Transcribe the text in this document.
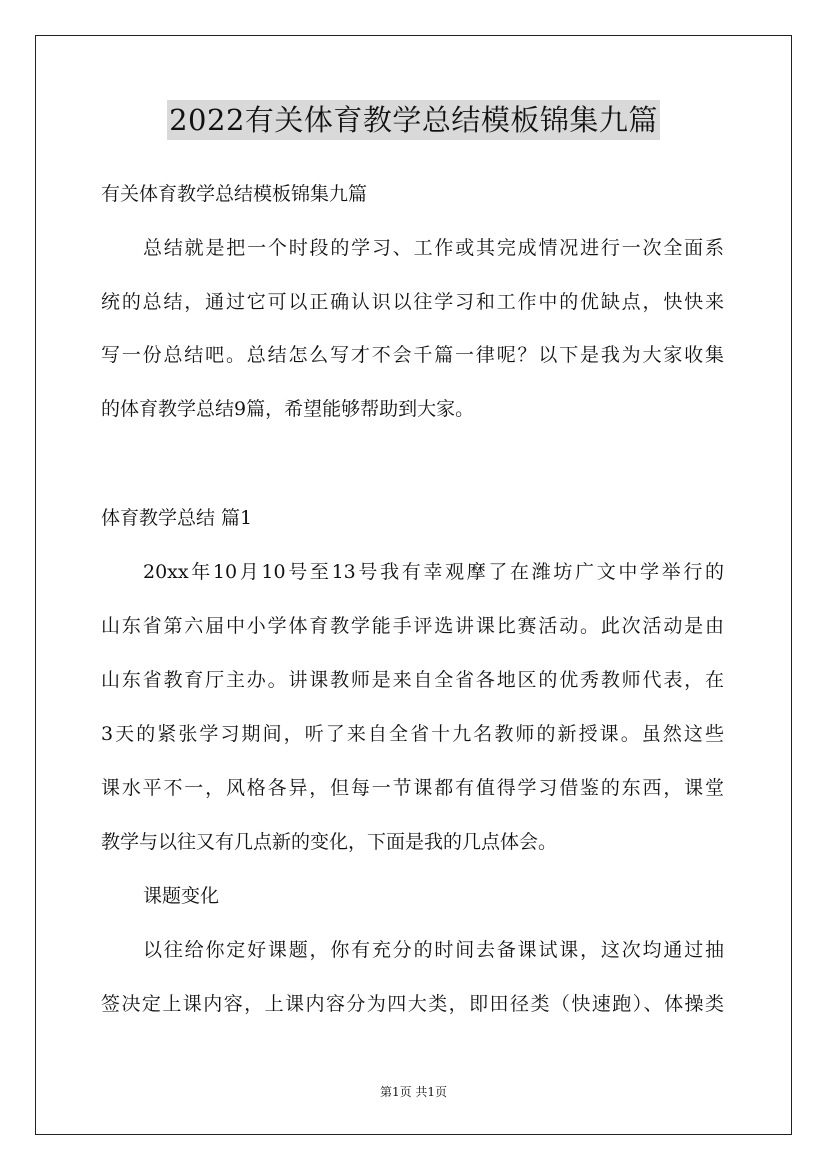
2022有关体育教学总结模板锦集九篇
有关体育教学总结模板锦集九篇
总结就是把一个时段的学习、工作或其完成情况进行一次全面系
统的总结，通过它可以正确认识以往学习和工作中的优缺点，快快来
写一份总结吧。总结怎么写才不会千篇一律呢？以下是我为大家收集
的体育教学总结9篇，希望能够帮助到大家。
体育教学总结 篇1
20xx年10月10号至13号我有幸观摩了在潍坊广文中学举行的
山东省第六届中小学体育教学能手评选讲课比赛活动。此次活动是由
山东省教育厅主办。讲课教师是来自全省各地区的优秀教师代表，在
3天的紧张学习期间，听了来自全省十九名教师的新授课。虽然这些
课水平不一，风格各异，但每一节课都有值得学习借鉴的东西，课堂
教学与以往又有几点新的变化，下面是我的几点体会。
课题变化
以往给你定好课题，你有充分的时间去备课试课，这次均通过抽
签决定上课内容，上课内容分为四大类，即田径类（快速跑）、体操类
第1页 共1页
